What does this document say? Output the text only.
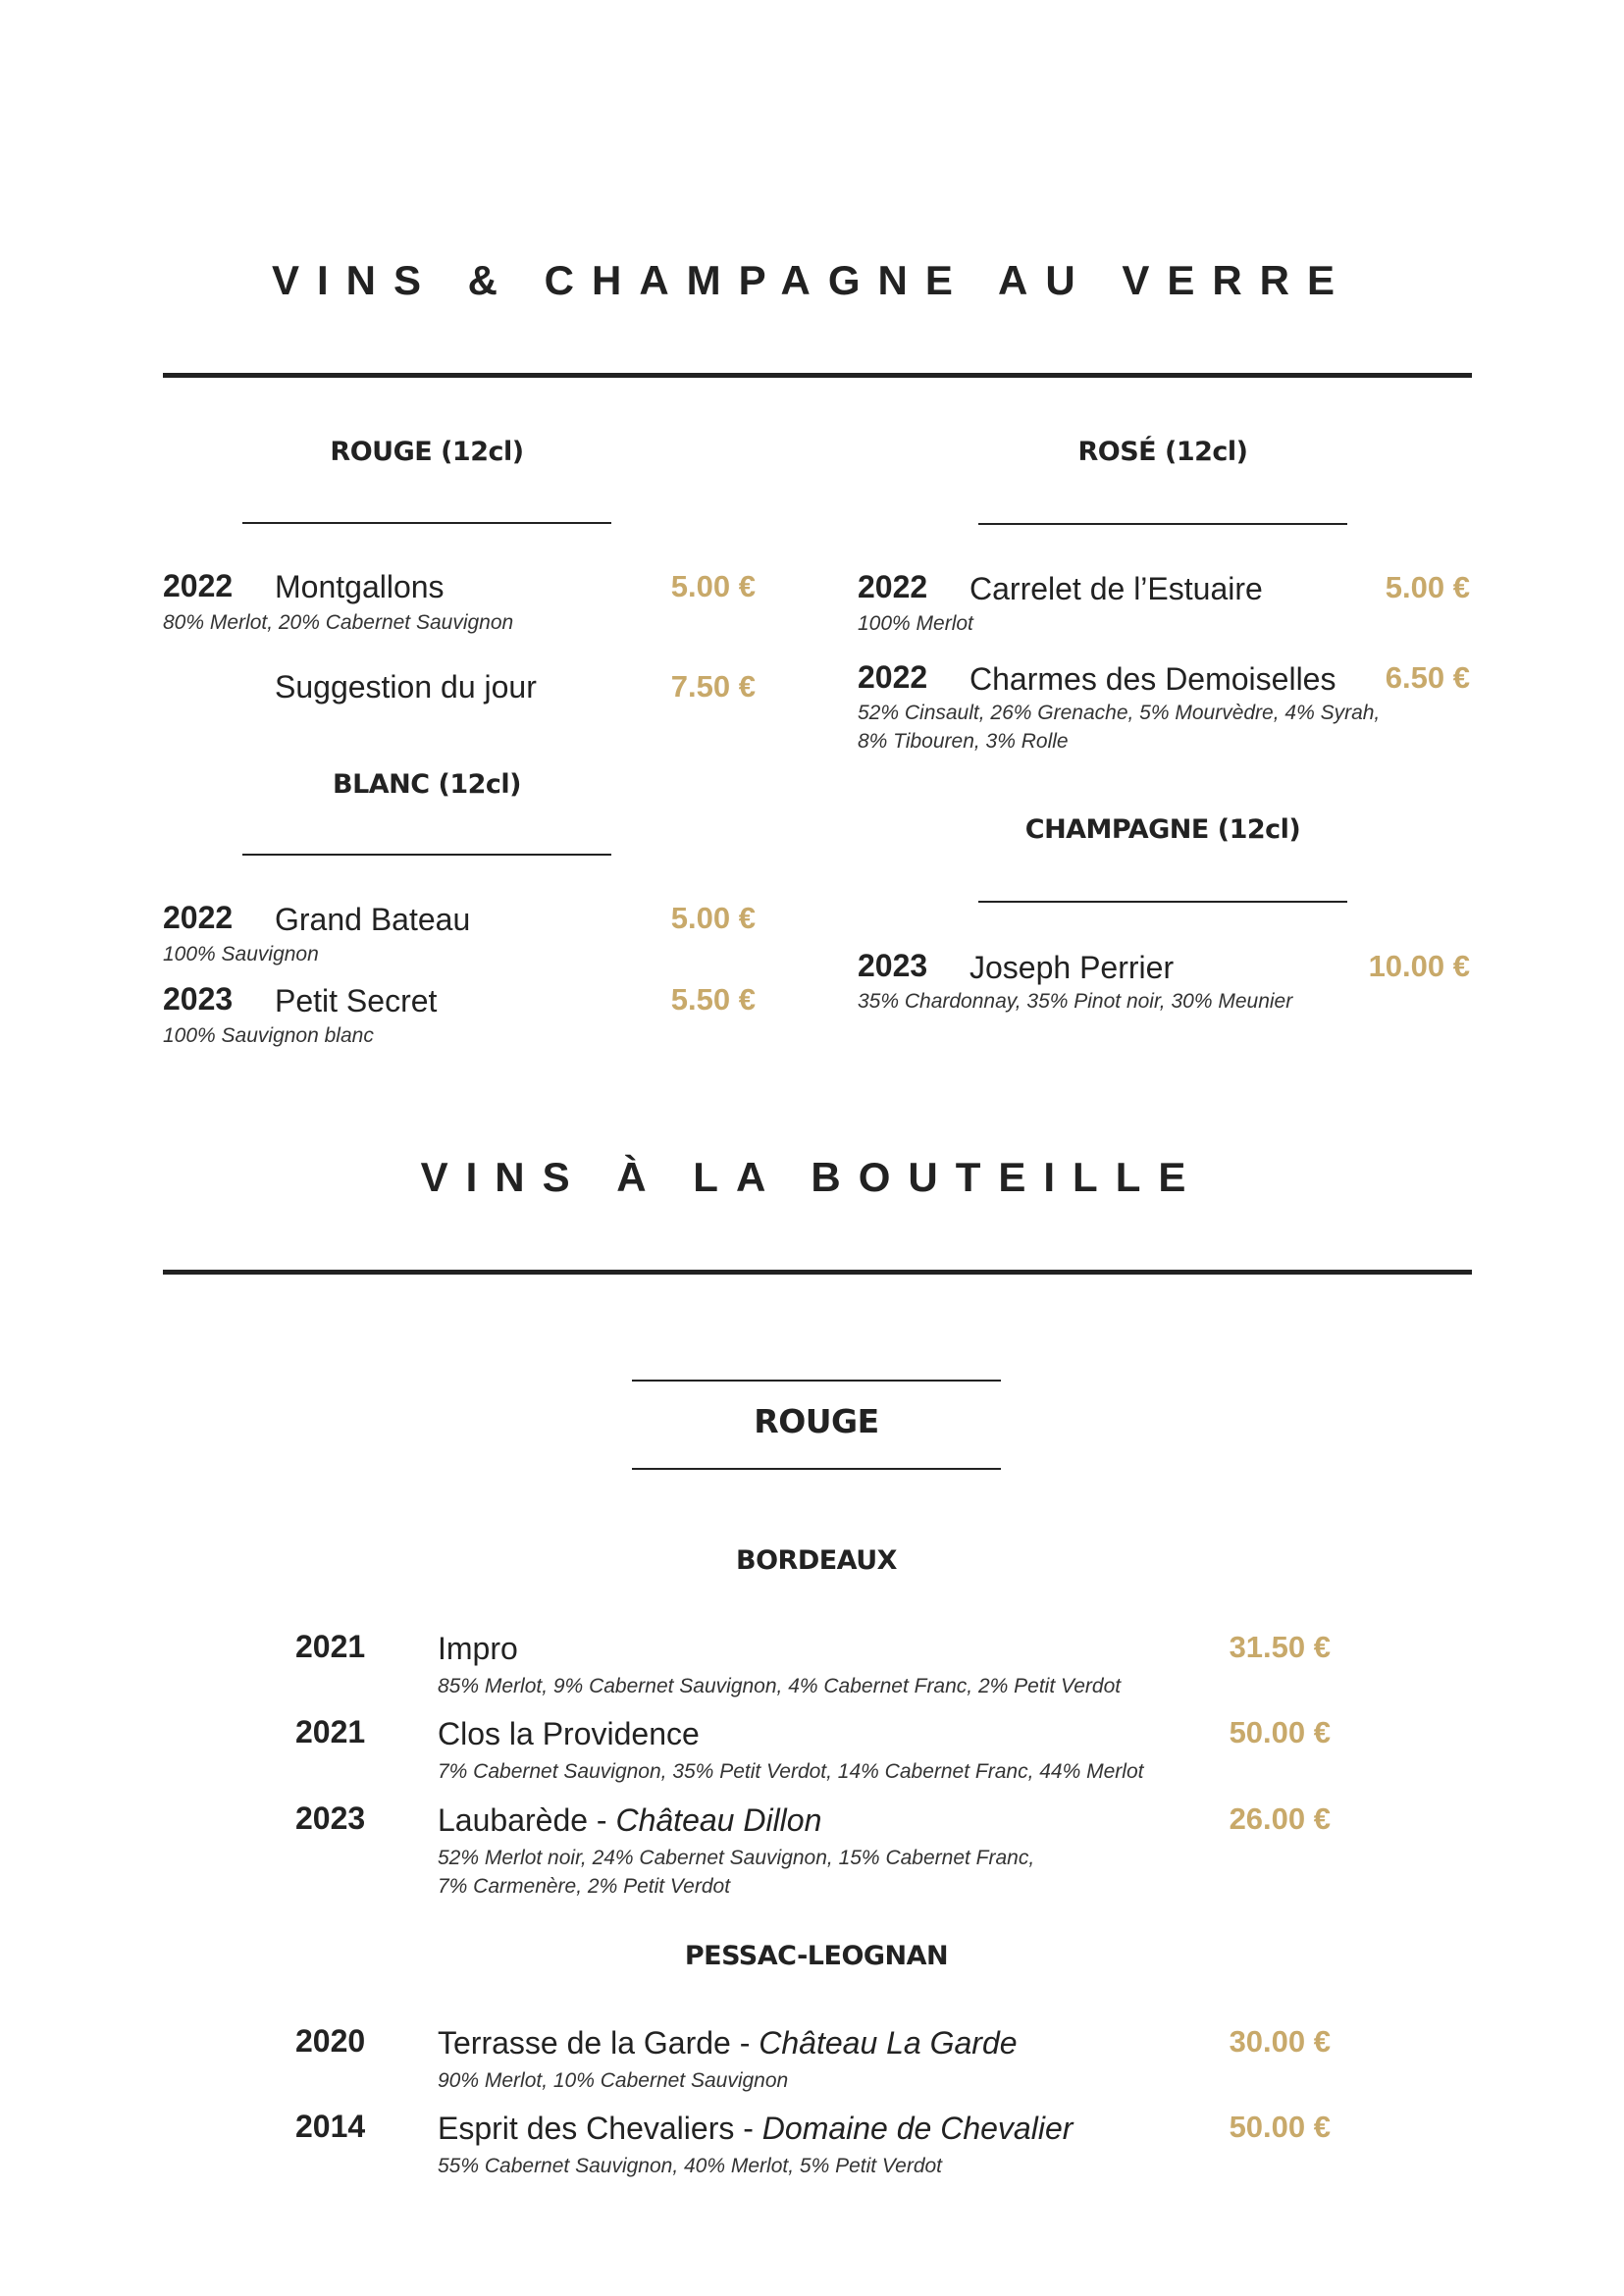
VINS & CHAMPAGNE AU VERRE
ROUGE (12cl)
2022 Montgallons	5.00 €
80% Merlot, 20% Cabernet Sauvignon
Suggestion du jour	7.50 €
BLANC (12cl)
2022 Grand Bateau	5.00 €
100% Sauvignon
2023 Petit Secret	5.50 €
100% Sauvignon blanc
ROSÉ (12cl)
2022 Carrelet de l’Estuaire	5.00 €
100% Merlot
2022 Charmes des Demoiselles 6.50 €
52% Cinsault, 26% Grenache, 5% Mourvèdre, 4% Syrah,
8% Tibouren, 3% Rolle
CHAMPAGNE (12cl)
2023 Joseph Perrier	10.00 €
35% Chardonnay, 35% Pinot noir, 30% Meunier
VINS À LA BOUTEILLE
ROUGE
BORDEAUX
2021 Impro	31.50 €
85% Merlot, 9% Cabernet Sauvignon, 4% Cabernet Franc, 2% Petit Verdot
2021 Clos la Providence	50.00 €
7% Cabernet Sauvignon, 35% Petit Verdot, 14% Cabernet Franc, 44% Merlot
2023 Laubarède - Château Dillon	26.00 €
52% Merlot noir, 24% Cabernet Sauvignon, 15% Cabernet Franc,
7% Carmenère, 2% Petit Verdot
PESSAC-LEOGNAN
2020 Terrasse de la Garde - Château La Garde	30.00 €
90% Merlot, 10% Cabernet Sauvignon
2014 Esprit des Chevaliers - Domaine de Chevalier	50.00 €
55% Cabernet Sauvignon, 40% Merlot, 5% Petit Verdot
